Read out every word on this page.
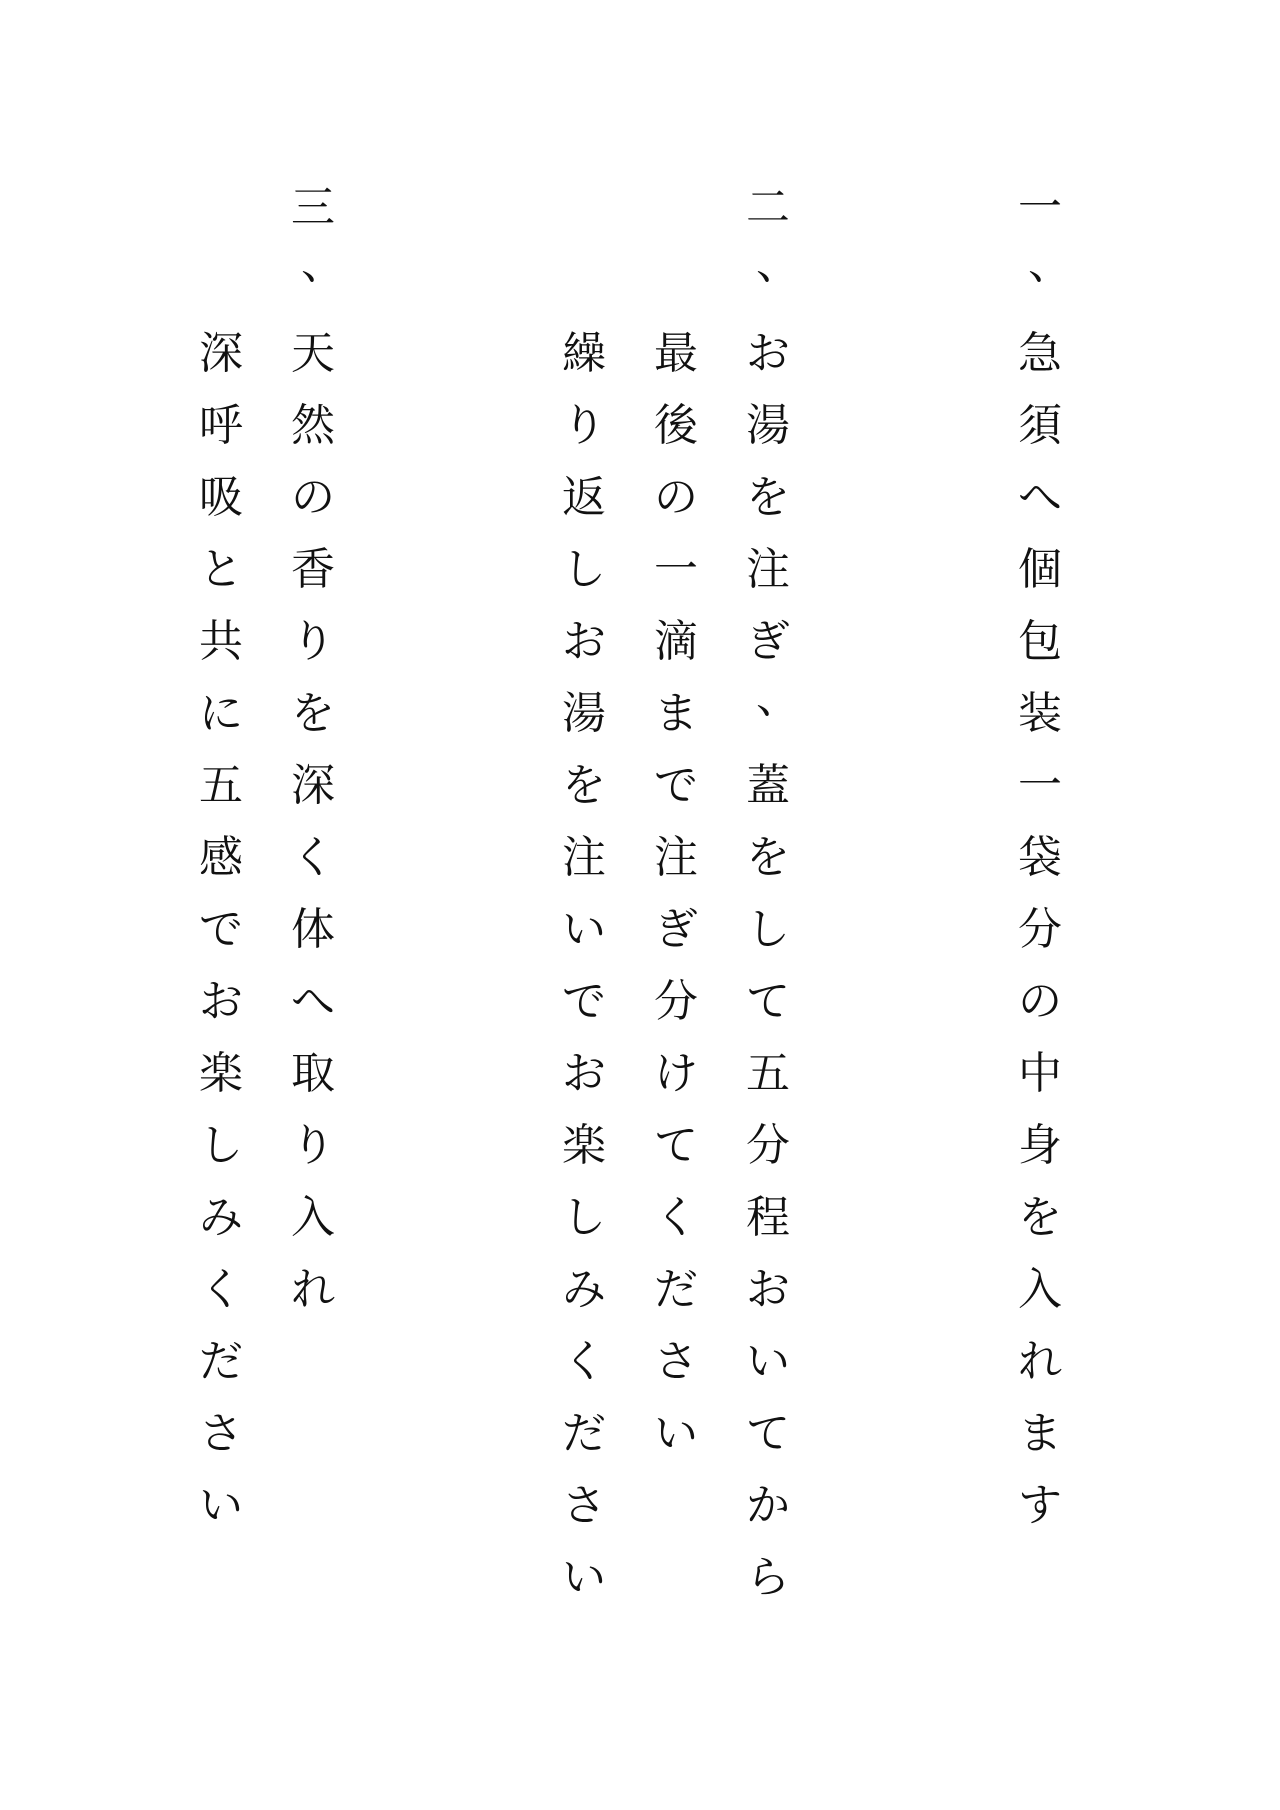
一
、
急
須
へ
個
包
装
一
袋
分
の
中
身
を
入
れ
ま
す
二
、
お
湯
を
注
ぎ
、
蓋
を
し
て
五
分
程
お
い
て
か
ら
最
後
の
一
滴
ま
で
注
ぎ
分
け
て
く
だ
さ
い
繰
り
返
し
お
湯
を
注
い
で
お
楽
し
み
く
だ
さ
い
三
、
天
然
の
香
り
を
深
く
体
へ
取
り
入
れ
深
呼
吸
と
共
に
五
感
で
お
楽
し
み
く
だ
さ
い
